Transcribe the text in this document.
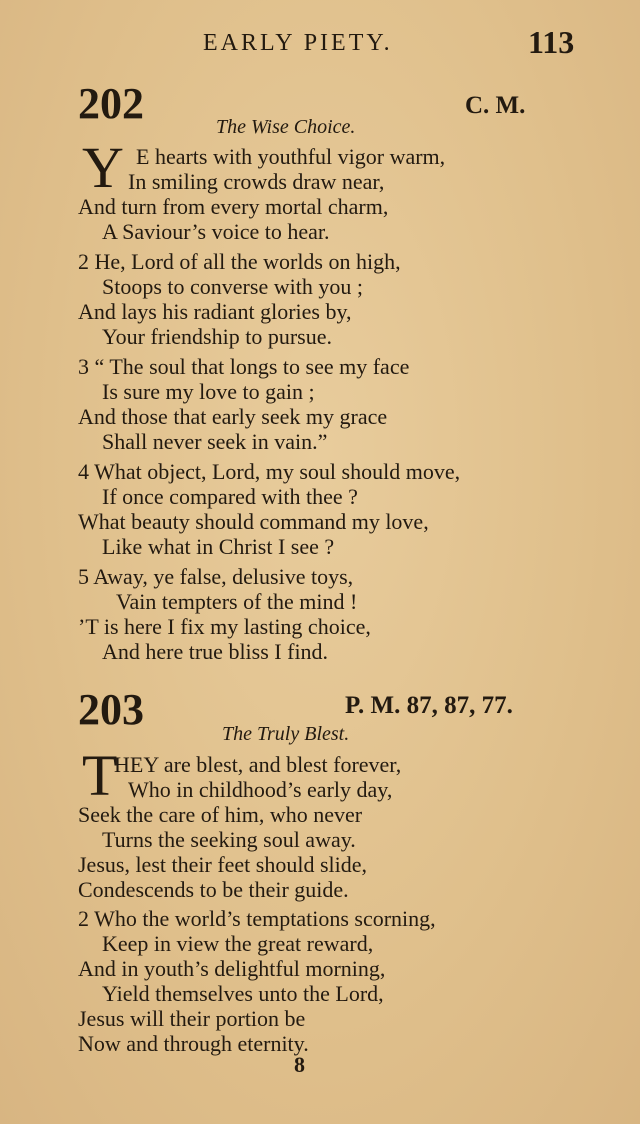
EARLY PIETY.	113
202	C. M.
The Wise Choice.
Y E hearts with youthful vigor warm,
In smiling crowds draw near,
And turn from every mortal charm,
A Saviour’s voice to hear.
2 He, Lord of all the worlds on high,
Stoops to converse with you ;
And lays his radiant glories by,
Your friendship to pursue.
3 “ The soul that longs to see my face
Is sure my love to gain ;
And those that early seek my grace
Shall never seek in vain.”
4 What object, Lord, my soul should move,
If once compared with thee ?
What beauty should command my love,
Like what in Christ I see ?
5 Away, ye false, delusive toys,
Vain tempters of the mind !
’T is here I fix my lasting choice,
And here true bliss I find.
203	P. M. 87, 87, 77.
The Truly Blest.
T
HEY are blest, and blest forever,
Who in childhood’s early day,
Seek the care of him, who never
Turns the seeking soul away.
Jesus, lest their feet should slide,
Condescends to be their guide.
2 Who the world’s temptations scorning,
Keep in view the great reward,
And in youth’s delightful morning,
Yield themselves unto the Lord,
Jesus will their portion be
Now and through eternity.
8
